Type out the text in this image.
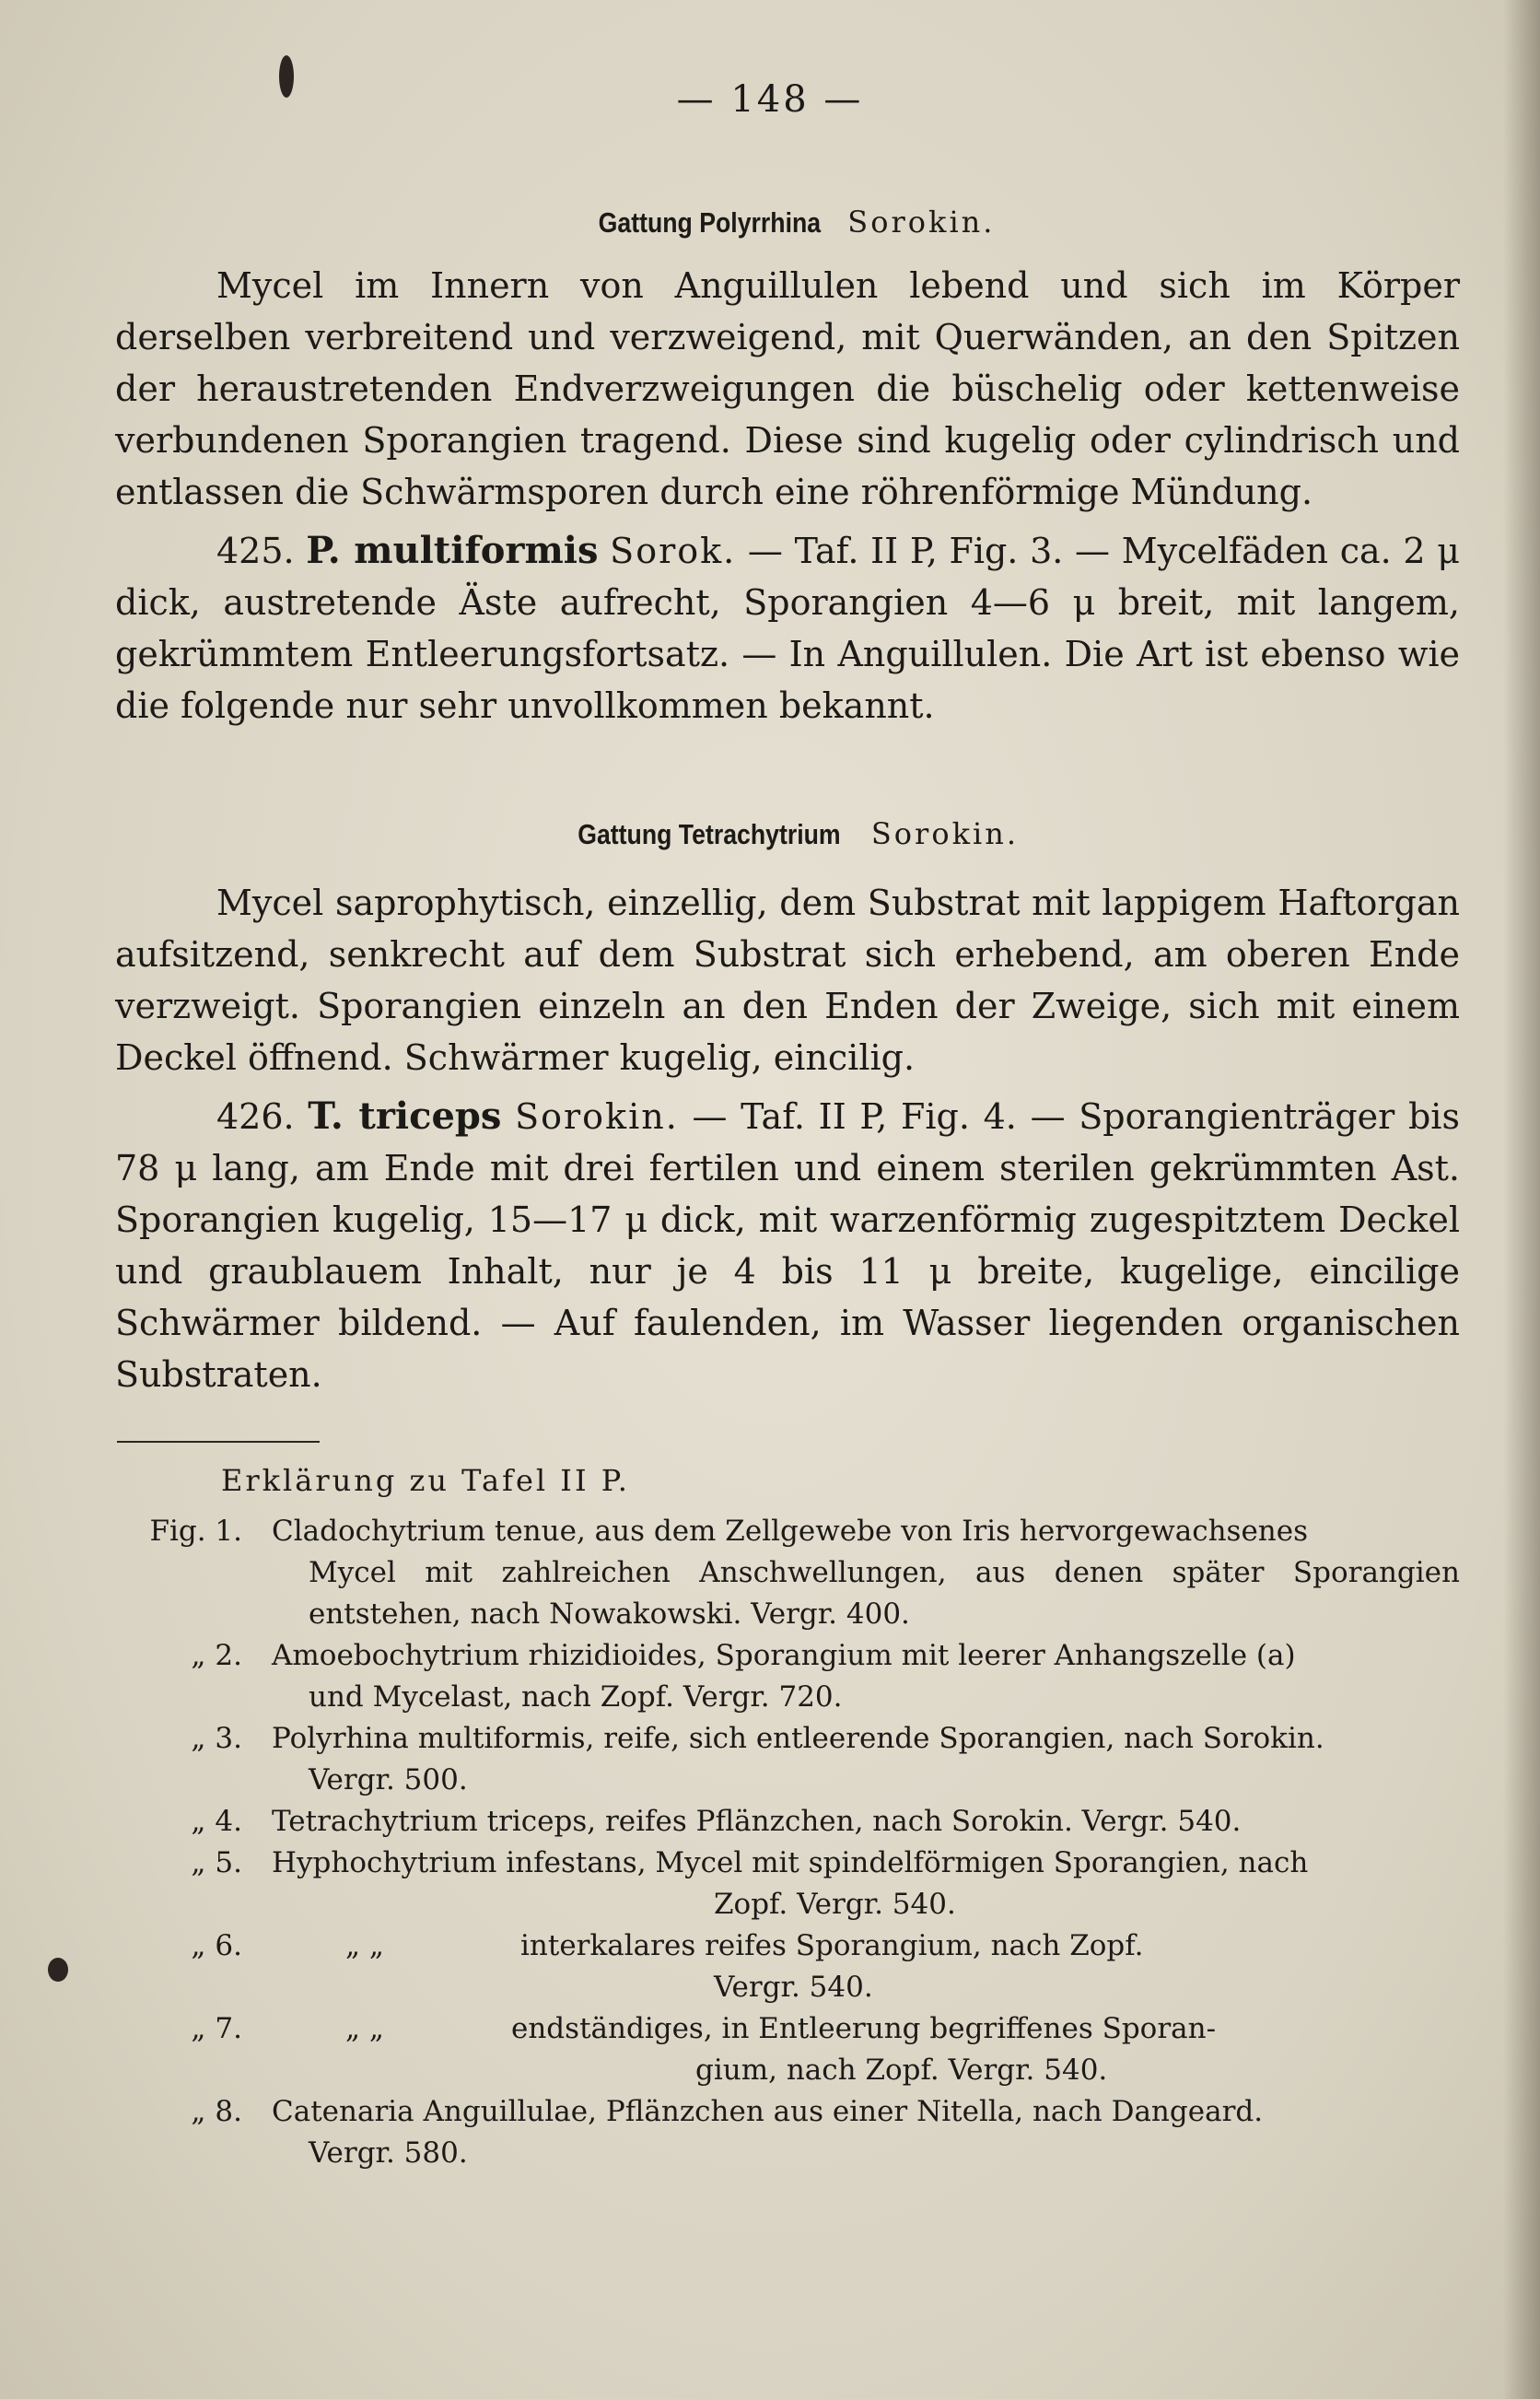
— 148 —

Gattung Polyrrhina Sorokin.

Mycel im Innern von Anguillulen lebend und sich im Körper derselben verbreitend und verzweigend, mit Querwänden, an den Spitzen der heraustretenden Endverzweigungen die büschelig oder kettenweise verbundenen Sporangien tragend. Diese sind kugelig oder cylindrisch und entlassen die Schwärmsporen durch eine röhrenförmige Mündung.

425. P. multiformis Sorok. — Taf. II P, Fig. 3. — Mycelfäden ca. 2 μ dick, austretende Äste aufrecht, Sporangien 4—6 μ breit, mit langem, gekrümmtem Entleerungsfortsatz. — In Anguillulen. Die Art ist ebenso wie die folgende nur sehr unvollkommen bekannt.

Gattung Tetrachytrium Sorokin.

Mycel saprophytisch, einzellig, dem Substrat mit lappigem Haftorgan aufsitzend, senkrecht auf dem Substrat sich erhebend, am oberen Ende verzweigt. Sporangien einzeln an den Enden der Zweige, sich mit einem Deckel öffnend. Schwärmer kugelig, eincilig.

426. T. triceps Sorokin. — Taf. II P, Fig. 4. — Sporangienträger bis 78 μ lang, am Ende mit drei fertilen und einem sterilen gekrümmten Ast. Sporangien kugelig, 15—17 μ dick, mit warzenförmig zugespitztem Deckel und graublauem Inhalt, nur je 4 bis 11 μ breite, kugelige, eincilige Schwärmer bildend. — Auf faulenden, im Wasser liegenden organischen Substraten.

Erklärung zu Tafel II P.
Fig. 1.	Cladochytrium tenue, aus dem Zellgewebe von Iris hervorgewachsenes
Mycel mit zahlreichen Anschwellungen, aus denen später Sporangien entstehen, nach Nowakowski. Vergr. 400.
„ 2.	Amoebochytrium rhizidioides, Sporangium mit leerer Anhangszelle (a)
und Mycelast, nach Zopf. Vergr. 720.
„ 3.	Polyrhina multiformis, reife, sich entleerende Sporangien, nach Sorokin.
Vergr. 500.
„ 4.	Tetrachytrium triceps, reifes Pflänzchen, nach Sorokin. Vergr. 540.
„ 5.	Hyphochytrium infestans, Mycel mit spindelförmigen Sporangien, nach
Zopf. Vergr. 540.
„ 6.	„ „	interkalares reifes Sporangium, nach Zopf.
Vergr. 540.
„ 7.	„ „	endständiges, in Entleerung begriffenes Sporan-
gium, nach Zopf. Vergr. 540.
„ 8.	Catenaria Anguillulae, Pflänzchen aus einer Nitella, nach Dangeard.
Vergr. 580.
